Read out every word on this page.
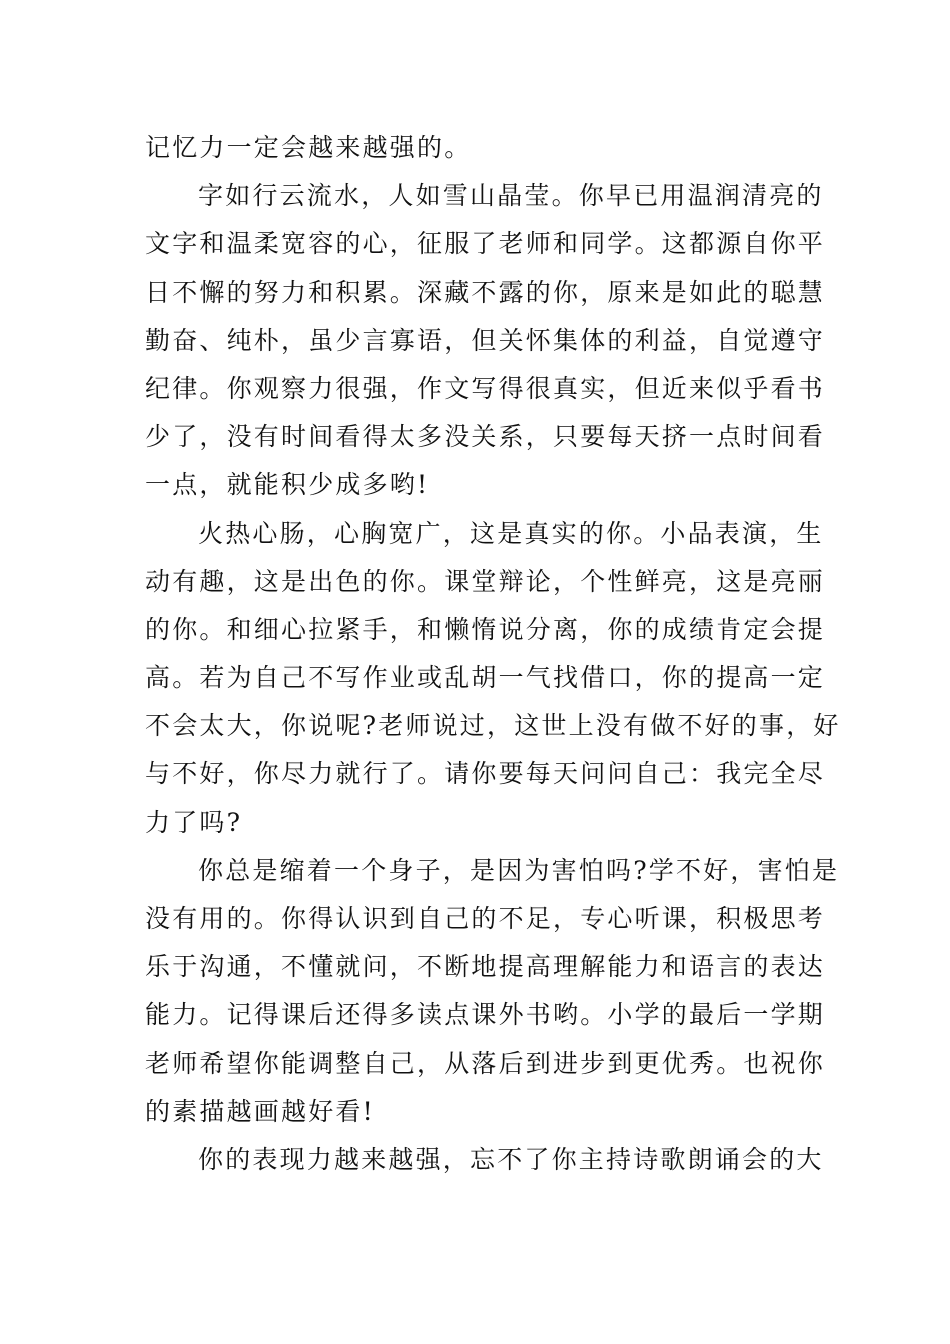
记忆力一定会越来越强的。
字如行云流水，人如雪山晶莹。你早已用温润清亮的
文字和温柔宽容的心，征服了老师和同学。这都源自你平
日不懈的努力和积累。深藏不露的你，原来是如此的聪慧
勤奋、纯朴，虽少言寡语，但关怀集体的利益，自觉遵守
纪律。你观察力很强，作文写得很真实，但近来似乎看书
少了，没有时间看得太多没关系，只要每天挤一点时间看
一点，就能积少成多哟!
火热心肠，心胸宽广，这是真实的你。小品表演，生
动有趣，这是出色的你。课堂辩论，个性鲜亮，这是亮丽
的你。和细心拉紧手，和懒惰说分离，你的成绩肯定会提
高。若为自己不写作业或乱胡一气找借口，你的提高一定
不会太大，你说呢?老师说过，这世上没有做不好的事，好
与不好，你尽力就行了。请你要每天问问自己：我完全尽
力了吗?
你总是缩着一个身子，是因为害怕吗?学不好，害怕是
没有用的。你得认识到自己的不足，专心听课，积极思考
乐于沟通，不懂就问，不断地提高理解能力和语言的表达
能力。记得课后还得多读点课外书哟。小学的最后一学期
老师希望你能调整自己，从落后到进步到更优秀。也祝你
的素描越画越好看!
你的表现力越来越强，忘不了你主持诗歌朗诵会的大
